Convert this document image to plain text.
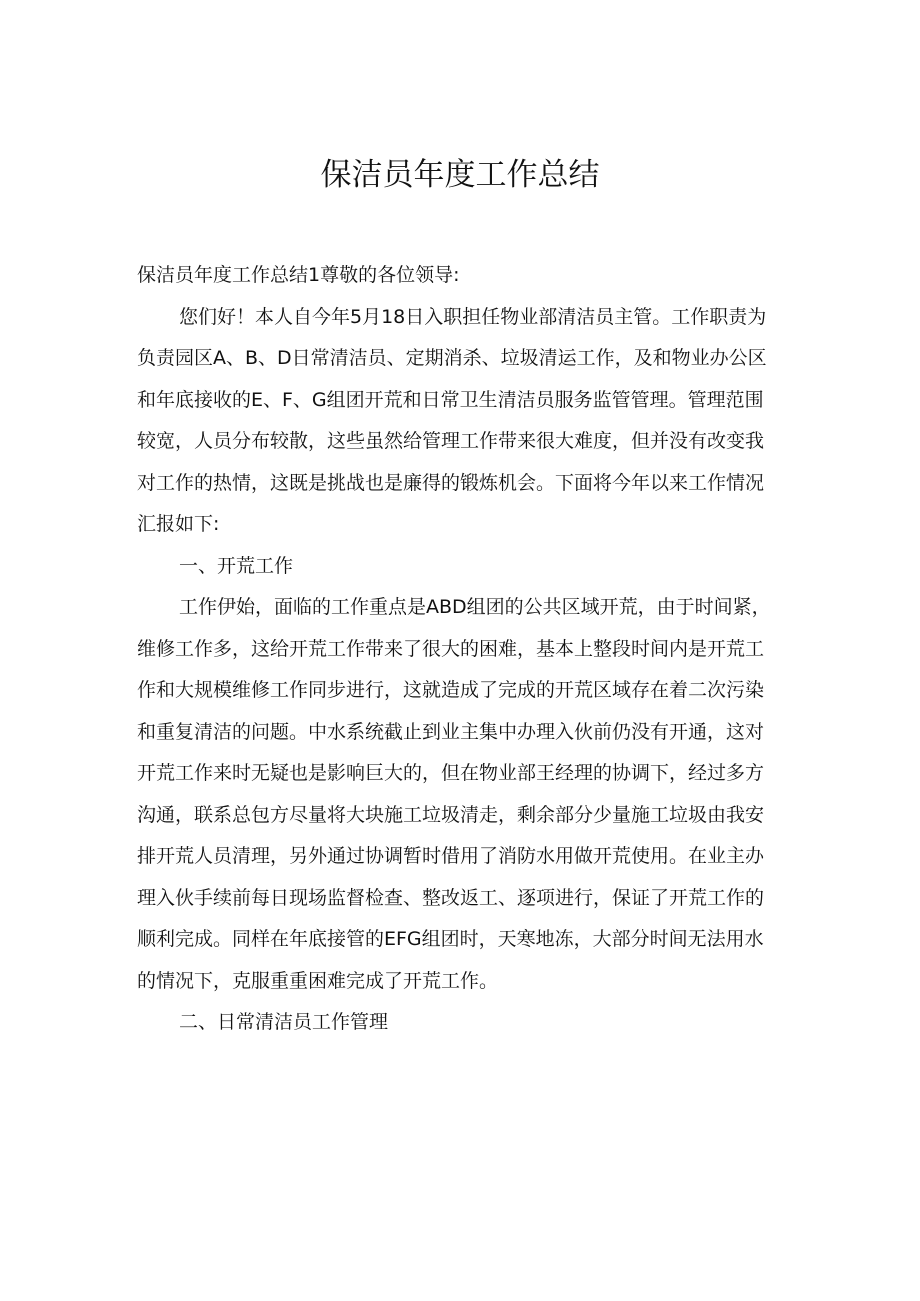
保洁员年度工作总结
保洁员年度工作总结1尊敬的各位领导:
您们好！本人自今年5月18日入职担任物业部清洁员主管。工作职责为
负责园区A、B、D日常清洁员、定期消杀、垃圾清运工作，及和物业办公区
和年底接收的E、F、G组团开荒和日常卫生清洁员服务监管管理。管理范围
较宽，人员分布较散，这些虽然给管理工作带来很大难度，但并没有改变我
对工作的热情，这既是挑战也是廉得的锻炼机会。下面将今年以来工作情况
汇报如下:
一、开荒工作
工作伊始，面临的工作重点是ABD组团的公共区域开荒，由于时间紧，
维修工作多，这给开荒工作带来了很大的困难，基本上整段时间内是开荒工
作和大规模维修工作同步进行，这就造成了完成的开荒区域存在着二次污染
和重复清洁的问题。中水系统截止到业主集中办理入伙前仍没有开通，这对
开荒工作来时无疑也是影响巨大的，但在物业部王经理的协调下，经过多方
沟通，联系总包方尽量将大块施工垃圾清走，剩余部分少量施工垃圾由我安
排开荒人员清理，另外通过协调暂时借用了消防水用做开荒使用。在业主办
理入伙手续前每日现场监督检查、整改返工、逐项进行，保证了开荒工作的
顺利完成。同样在年底接管的EFG组团时，天寒地冻，大部分时间无法用水
的情况下，克服重重困难完成了开荒工作。
二、日常清洁员工作管理
